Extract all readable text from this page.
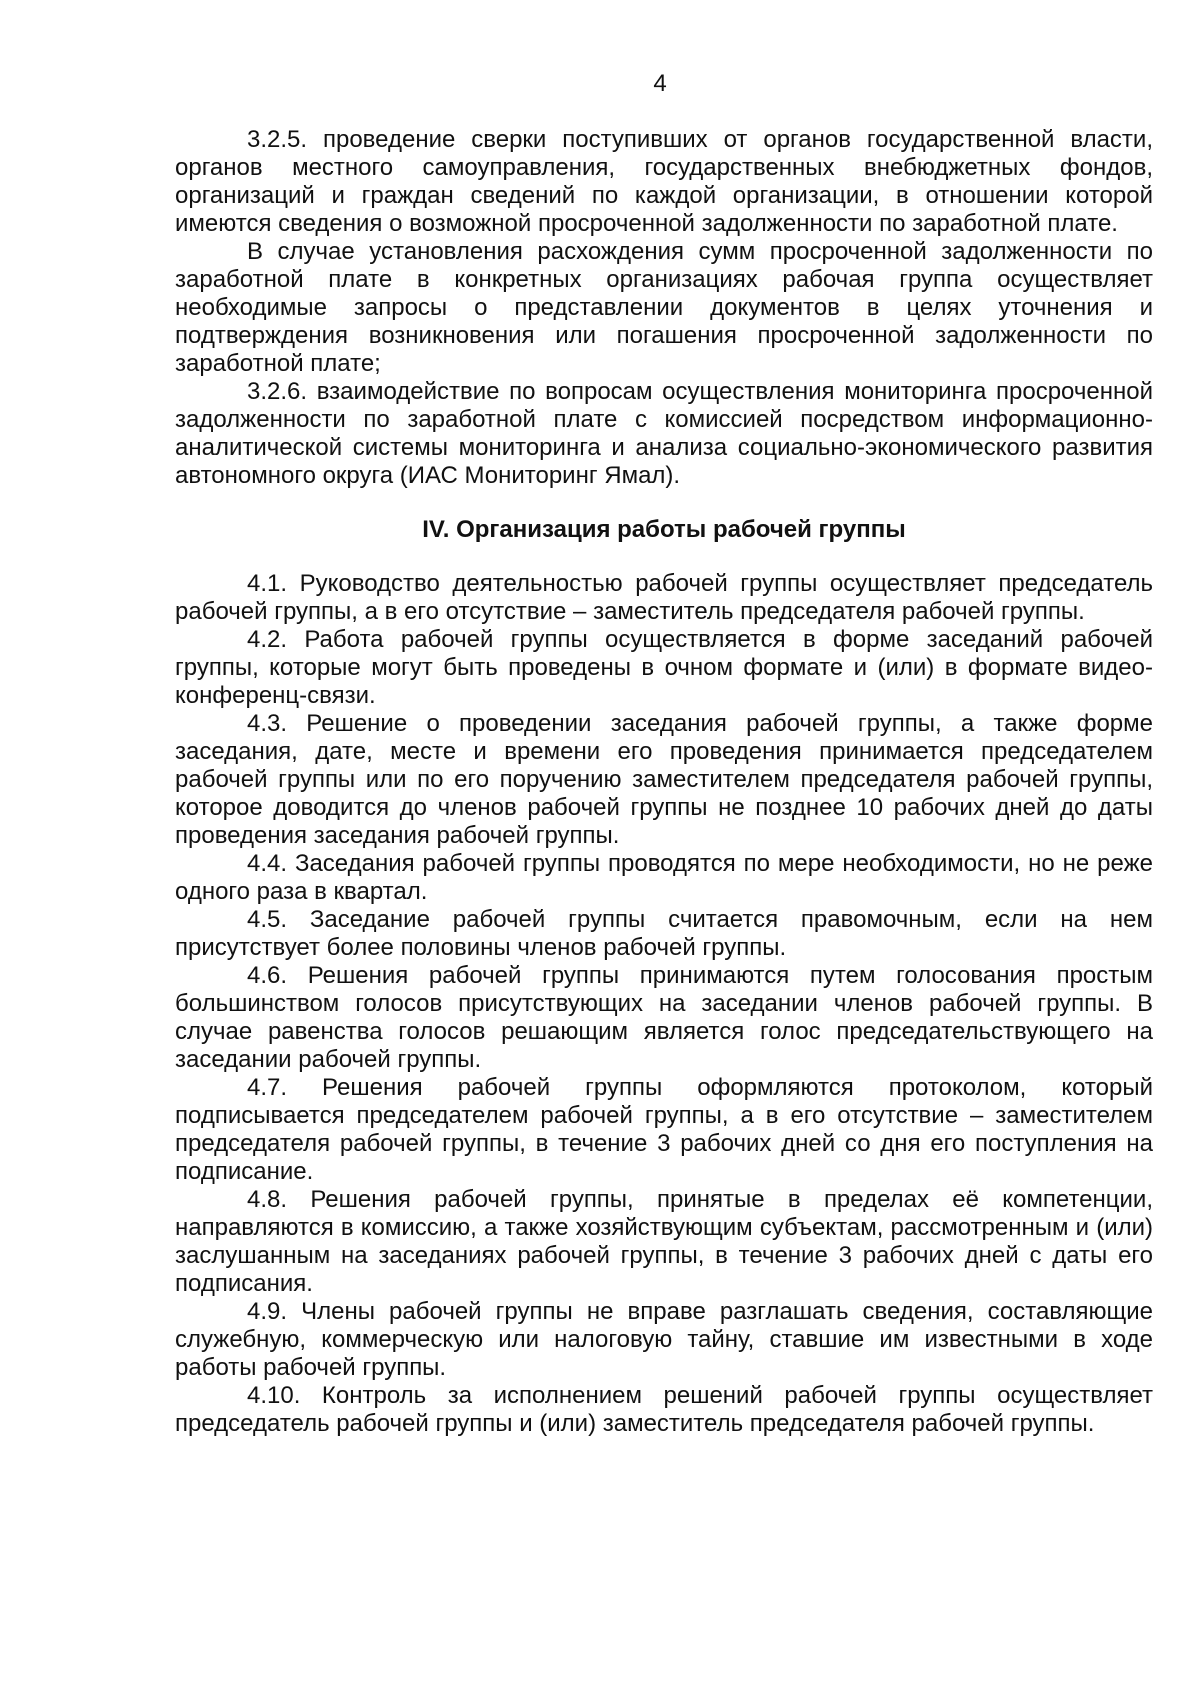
4

3.2.5. проведение сверки поступивших от органов государственной власти, органов местного самоуправления, государственных внебюджетных фондов, организаций и граждан сведений по каждой организации, в отношении которой имеются сведения о возможной просроченной задолженности по заработной плате.

В случае установления расхождения сумм просроченной задолженности по заработной плате в конкретных организациях рабочая группа осуществляет необходимые запросы о представлении документов в целях уточнения и подтверждения возникновения или погашения просроченной задолженности по заработной плате;

3.2.6. взаимодействие по вопросам осуществления мониторинга просроченной задолженности по заработной плате с комиссией посредством информационно-аналитической системы мониторинга и анализа социально-экономического развития автономного округа (ИАС Мониторинг Ямал).

IV. Организация работы рабочей группы

4.1. Руководство деятельностью рабочей группы осуществляет председатель рабочей группы, а в его отсутствие – заместитель председателя рабочей группы.

4.2. Работа рабочей группы осуществляется в форме заседаний рабочей группы, которые могут быть проведены в очном формате и (или) в формате видео-конференц-связи.

4.3. Решение о проведении заседания рабочей группы, а также форме заседания, дате, месте и времени его проведения принимается председателем рабочей группы или по его поручению заместителем председателя рабочей группы, которое доводится до членов рабочей группы не позднее 10 рабочих дней до даты проведения заседания рабочей группы.

4.4. Заседания рабочей группы проводятся по мере необходимости, но не реже одного раза в квартал.

4.5. Заседание рабочей группы считается правомочным, если на нем присутствует более половины членов рабочей группы.

4.6. Решения рабочей группы принимаются путем голосования простым большинством голосов присутствующих на заседании членов рабочей группы. В случае равенства голосов решающим является голос председательствующего на заседании рабочей группы.

4.7. Решения рабочей группы оформляются протоколом, который подписывается председателем рабочей группы, а в его отсутствие – заместителем председателя рабочей группы, в течение 3 рабочих дней со дня его поступления на подписание.

4.8. Решения рабочей группы, принятые в пределах её компетенции, направляются в комиссию, а также хозяйствующим субъектам, рассмотренным и (или) заслушанным на заседаниях рабочей группы, в течение 3 рабочих дней с даты его подписания.

4.9. Члены рабочей группы не вправе разглашать сведения, составляющие служебную, коммерческую или налоговую тайну, ставшие им известными в ходе работы рабочей группы.

4.10. Контроль за исполнением решений рабочей группы осуществляет председатель рабочей группы и (или) заместитель председателя рабочей группы.
